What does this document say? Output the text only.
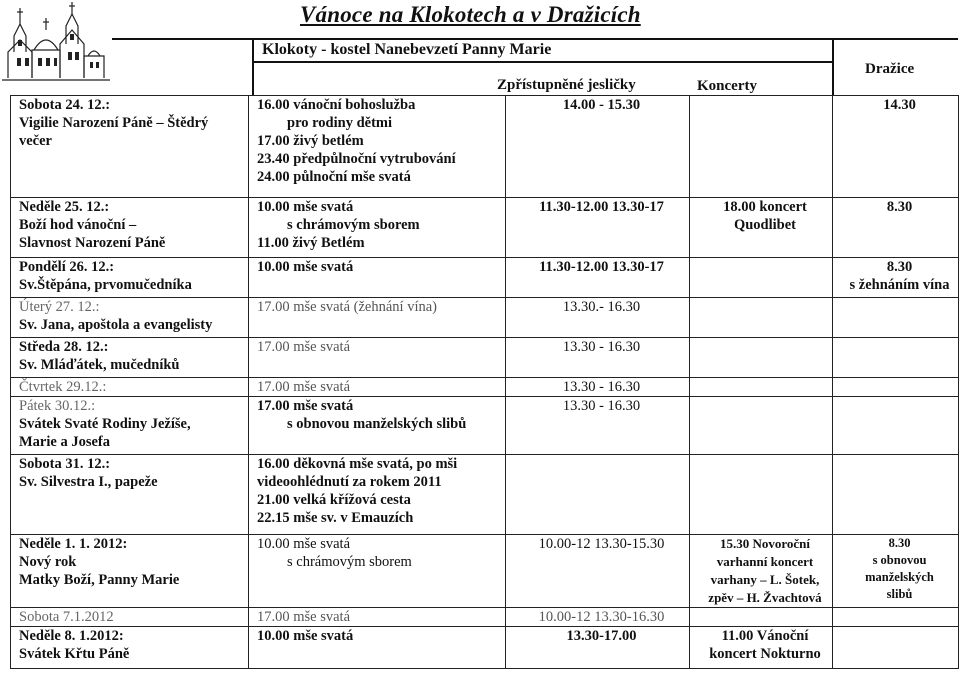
Vánoce na Klokotech a v Dražicích
Klokoty - kostel Nanebevzetí Panny Marie
Zpřístupněné jesličky	Koncerty
Dražice
Sobota 24. 12.:
Vigilie Narození Páně – Štědrý
večer	16.00 vánoční bohoslužba
pro rodiny dětmi
17.00 živý betlém
23.40 předpůlnoční vytrubování
24.00 půlnoční mše svatá	14.00 - 15.30		14.30

Neděle 25. 12.:
Boží hod vánoční –
Slavnost Narození Páně	10.00 mše svatá
s chrámovým sborem
11.00 živý Betlém	11.30-12.00 13.30-17	18.00 koncert
Quodlibet	8.30

Pondělí 26. 12.:
Sv.Štěpána, prvomučedníka	10.00 mše svatá	11.30-12.00 13.30-17		8.30
s žehnáním vína

Úterý 27. 12.:
Sv. Jana, apoštola a evangelisty	17.00 mše svatá (žehnání vína)	13.30.- 16.30		

Středa 28. 12.:
Sv. Mláďátek, mučedníků	17.00 mše svatá	13.30 - 16.30		

Čtvrtek 29.12.:	17.00 mše svatá	13.30 - 16.30		

Pátek 30.12.:
Svátek Svaté Rodiny Ježíše,
Marie a Josefa	17.00 mše svatá
s obnovou manželských slibů	13.30 - 16.30		

Sobota 31. 12.:
Sv. Silvestra I., papeže	16.00 děkovná mše svatá, po mši
videoohlédnutí za rokem 2011
21.00 velká křížová cesta
22.15 mše sv. v Emauzích			

Neděle 1. 1. 2012:
Nový rok
Matky Boží, Panny Marie	10.00 mše svatá
s chrámovým sborem	10.00-12 13.30-15.30	15.30 Novoroční
varhanní koncert
varhany – L. Šotek,
zpěv – H. Žvachtová	8.30
s obnovou
manželských
slibů

Sobota 7.1.2012	17.00 mše svatá	10.00-12 13.30-16.30		

Neděle 8. 1.2012:
Svátek Křtu Páně	10.00 mše svatá	13.30-17.00	11.00 Vánoční
koncert Nokturno	
